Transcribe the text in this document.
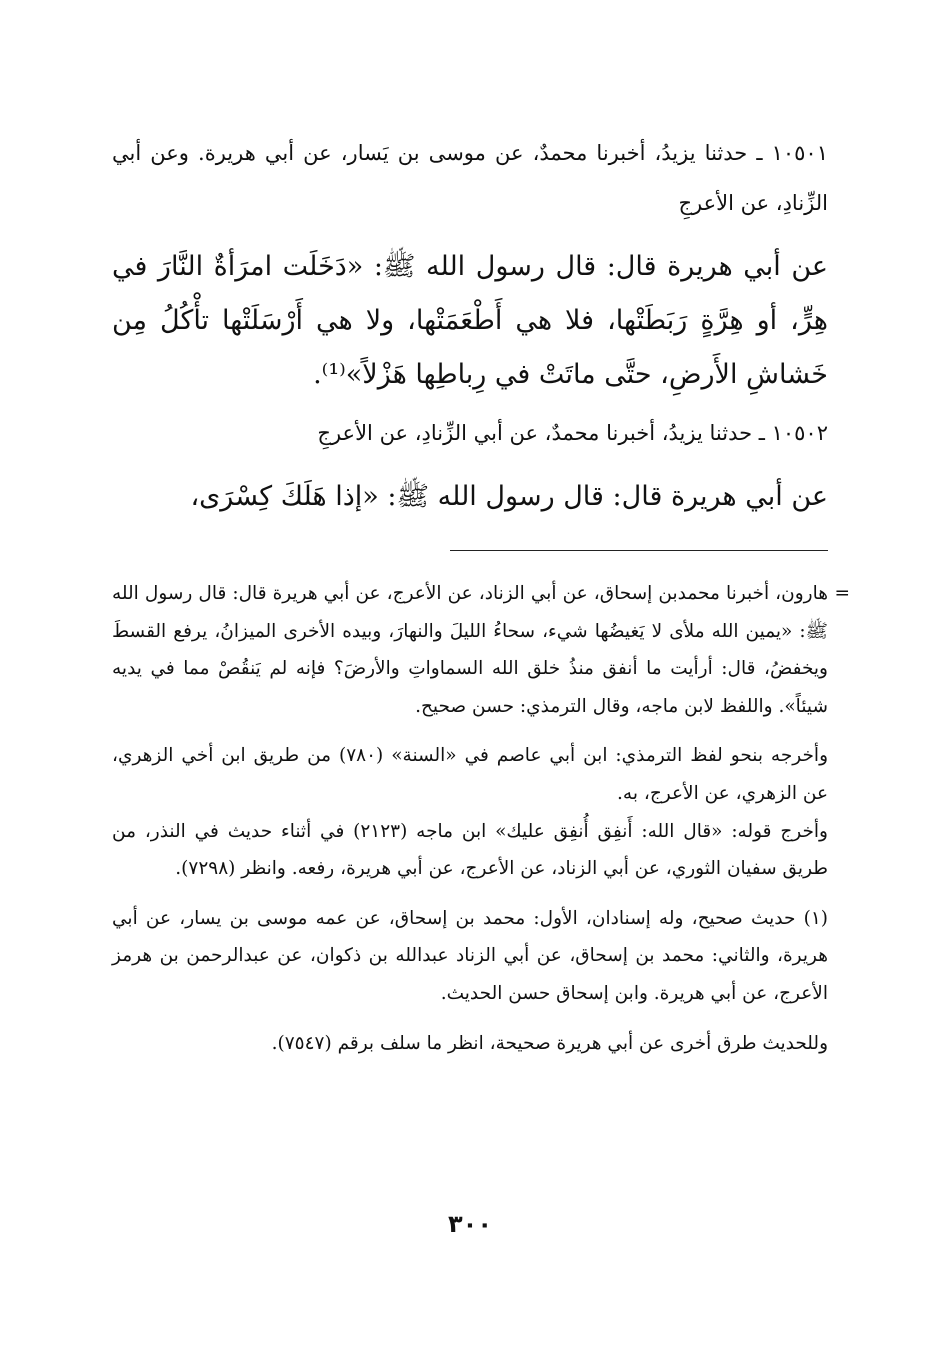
١٠٥٠١ ـ حدثنا يزيدُ، أخبرنا محمدٌ، عن موسى بن يَسار، عن أبي هريرة. وعن أبي الزِّنادِ، عن الأعرجِ

عن أبي هريرة قال: قال رسول الله ﷺ: «دَخَلَت امرَأةٌ النَّارَ في هِرٍّ، أو هِرَّةٍ رَبَطَتْها، فلا هي أَطْعَمَتْها، ولا هي أَرْسَلَتْها تأْكُلُ مِن خَشاشِ الأَرضِ، حتَّى ماتَتْ في رِباطِها هَزْلاً»⁽¹⁾.

١٠٥٠٢ ـ حدثنا يزيدُ، أخبرنا محمدٌ، عن أبي الزِّنادِ، عن الأعرجِ

عن أبي هريرة قال: قال رسول الله ﷺ: «إذا هَلَكَ كِسْرَى،

=
هارون، أخبرنا محمدبن إسحاق، عن أبي الزناد، عن الأعرج، عن أبي هريرة قال: قال رسول الله ﷺ: «يمين الله ملأى لا يَغيضُها شيء، سحاءُ الليلَ والنهارَ، وبيده الأخرى الميزانُ، يرفع القسطَ ويخفضُ، قال: أرأيت ما أنفق منذُ خلق الله السماواتِ والأرضَ؟ فإنه لم يَنقُصْ مما في يديه شيئاً». واللفظ لابن ماجه، وقال الترمذي: حسن صحيح.

وأخرجه بنحو لفظ الترمذي: ابن أبي عاصم في «السنة» (٧٨٠) من طريق ابن أخي الزهري، عن الزهري، عن الأعرج، به.

وأخرج قوله: «قال الله: أَنفِق أُنفِق عليك» ابن ماجه (٢١٢٣) في أثناء حديث في النذر، من طريق سفيان الثوري، عن أبي الزناد، عن الأعرج، عن أبي هريرة، رفعه. وانظر (٧٢٩٨).

(١) حديث صحيح، وله إسنادان، الأول: محمد بن إسحاق، عن عمه موسى بن يسار، عن أبي هريرة، والثاني: محمد بن إسحاق، عن أبي الزناد عبدالله بن ذكوان، عن عبدالرحمن بن هرمز الأعرج، عن أبي هريرة. وابن إسحاق حسن الحديث.

وللحديث طرق أخرى عن أبي هريرة صحيحة، انظر ما سلف برقم (٧٥٤٧).

٣٠٠
